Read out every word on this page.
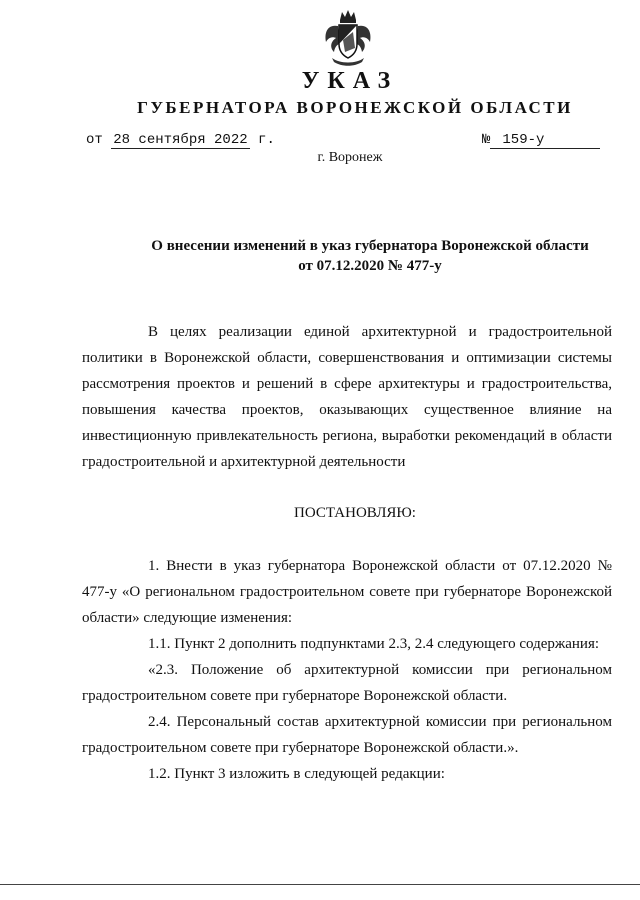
УКАЗ
ГУБЕРНАТОРА ВОРОНЕЖСКОЙ ОБЛАСТИ
от 28 сентября 2022 г.	№ 159-у
г. Воронеж
О внесении изменений в указ губернатора Воронежской области
от 07.12.2020 № 477-у
В целях реализации единой архитектурной и градостроительной политики в Воронежской области, совершенствования и оптимизации системы рассмотрения проектов и решений в сфере архитектуры и градостроительства, повышения качества проектов, оказывающих существенное влияние на инвестиционную привлекательность региона, выработки рекомендаций в области градостроительной и архитектурной деятельности
ПОСТАНОВЛЯЮ:

1. Внести в указ губернатора Воронежской области от 07.12.2020 № 477-у «О региональном градостроительном совете при губернаторе Воронежской области» следующие изменения:

1.1. Пункт 2 дополнить подпунктами 2.3, 2.4 следующего содержания:

«2.3. Положение об архитектурной комиссии при региональном градостроительном совете при губернаторе Воронежской области.

2.4. Персональный состав архитектурной комиссии при региональном градостроительном совете при губернаторе Воронежской области.».

1.2. Пункт 3 изложить в следующей редакции:
